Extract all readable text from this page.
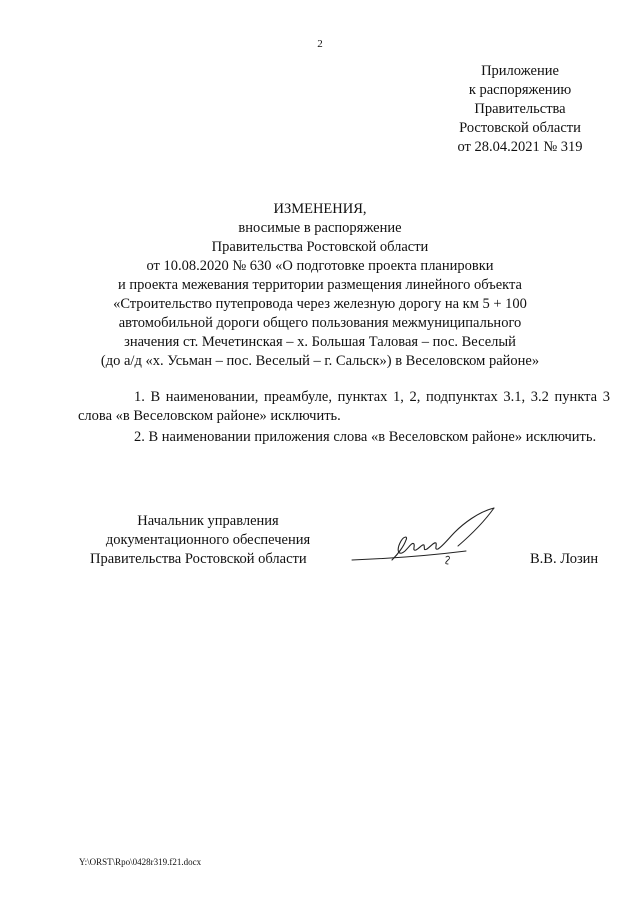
2
Приложение
к распоряжению
Правительства
Ростовской области
от 28.04.2021 № 319
ИЗМЕНЕНИЯ,
вносимые в распоряжение
Правительства Ростовской области
от 10.08.2020 № 630 «О подготовке проекта планировки
и проекта межевания территории размещения линейного объекта
«Строительство путепровода через железную дорогу на км 5 + 100
автомобильной дороги общего пользования межмуниципального
значения ст. Мечетинская – х. Большая Таловая – пос. Веселый
(до а/д «х. Усьман – пос. Веселый – г. Сальск») в Веселовском районе»

1. В наименовании, преамбуле, пунктах 1, 2, подпунктах 3.1, 3.2 пункта 3 слова «в Веселовском районе» исключить.

2. В наименовании приложения слова «в Веселовском районе» исключить.

Начальник управления
документационного обеспечения
Правительства Ростовской области	В.В. Лозин
Y:\ORST\Rpo\0428r319.f21.docx
